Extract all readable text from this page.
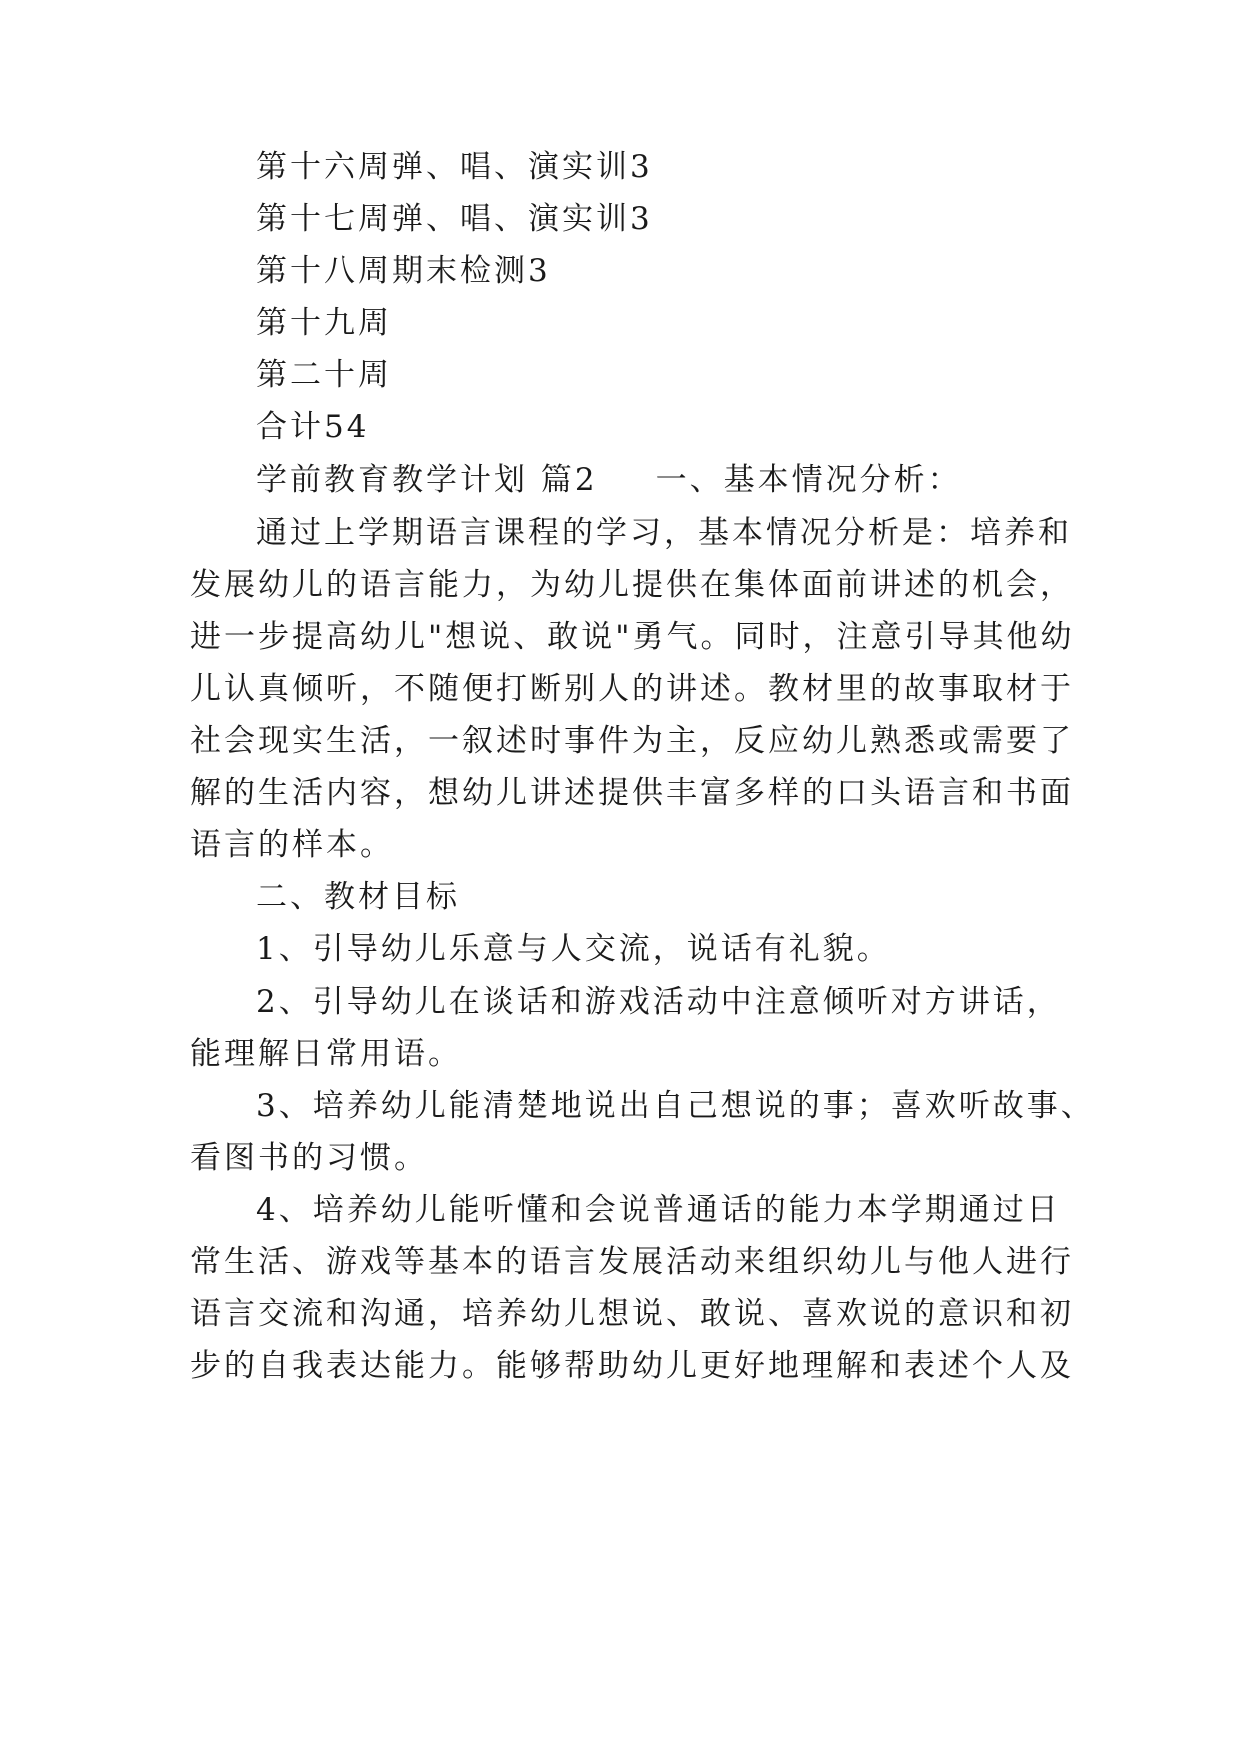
第十六周弹、唱、演实训3
第十七周弹、唱、演实训3
第十八周期末检测3
第十九周
第二十周
合计54
学前教育教学计划 篇2 一、基本情况分析：
通过上学期语言课程的学习，基本情况分析是：培养和
发展幼儿的语言能力，为幼儿提供在集体面前讲述的机会，
进一步提高幼儿"想说、敢说"勇气。同时，注意引导其他幼
儿认真倾听，不随便打断别人的讲述。教材里的故事取材于
社会现实生活，一叙述时事件为主，反应幼儿熟悉或需要了
解的生活内容，想幼儿讲述提供丰富多样的口头语言和书面
语言的样本。
二、教材目标
1、引导幼儿乐意与人交流，说话有礼貌。
2、引导幼儿在谈话和游戏活动中注意倾听对方讲话，
能理解日常用语。
3、培养幼儿能清楚地说出自己想说的事；喜欢听故事、
看图书的习惯。
4、培养幼儿能听懂和会说普通话的能力本学期通过日
常生活、游戏等基本的语言发展活动来组织幼儿与他人进行
语言交流和沟通，培养幼儿想说、敢说、喜欢说的意识和初
步的自我表达能力。能够帮助幼儿更好地理解和表述个人及
